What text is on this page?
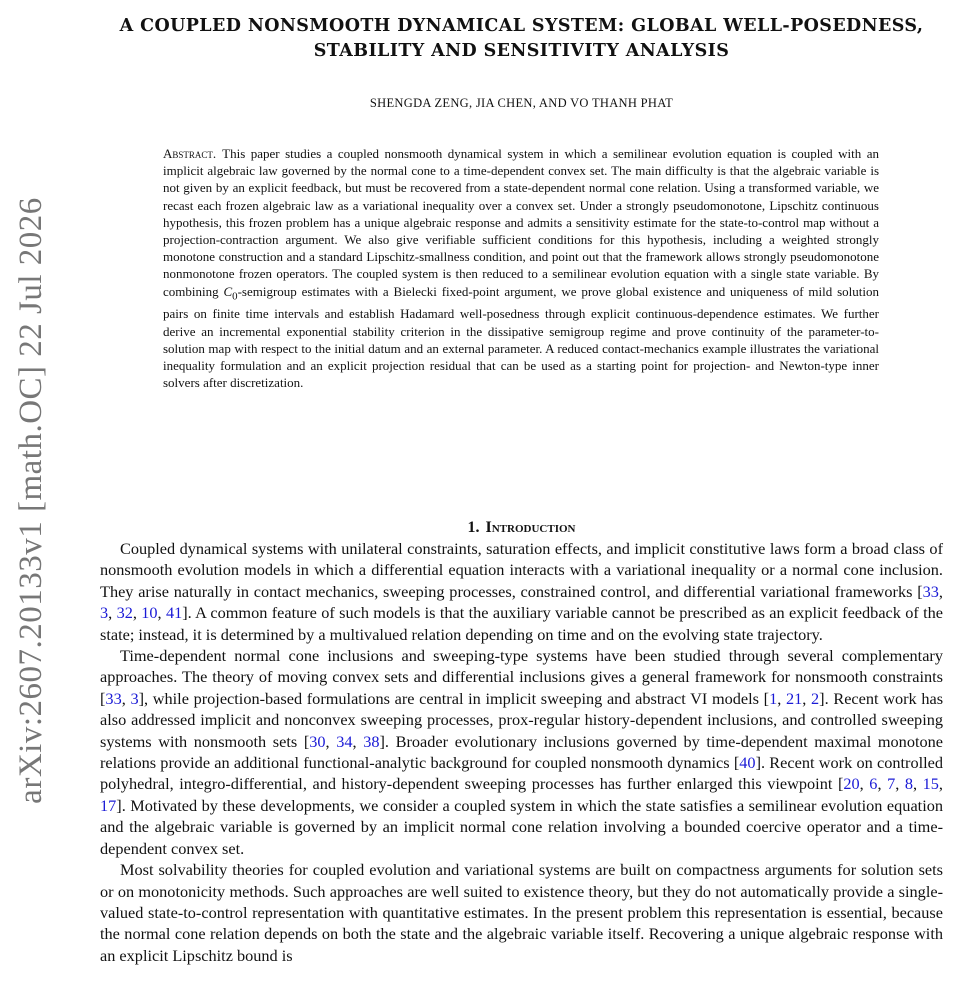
arXiv:2607.20133v1 [math.OC] 22 Jul 2026
A COUPLED NONSMOOTH DYNAMICAL SYSTEM: GLOBAL WELL-POSEDNESS,
STABILITY AND SENSITIVITY ANALYSIS
SHENGDA ZENG, JIA CHEN, AND VO THANH PHAT
Abstract. This paper studies a coupled nonsmooth dynamical system in which a semilinear evolution equation is coupled with an implicit algebraic law governed by the normal cone to a time-dependent convex set. The main difficulty is that the algebraic variable is not given by an explicit feedback, but must be recovered from a state-dependent normal cone relation. Using a transformed variable, we recast each frozen algebraic law as a variational inequality over a convex set. Under a strongly pseudomonotone, Lipschitz continuous hypothesis, this frozen problem has a unique algebraic response and admits a sensitivity estimate for the state-to-control map without a projection-contraction argument. We also give verifiable sufficient conditions for this hypothesis, including a weighted strongly monotone construction and a standard Lipschitz-smallness condition, and point out that the framework allows strongly pseudomonotone nonmonotone frozen operators. The coupled system is then reduced to a semilinear evolution equation with a single state variable. By combining $C_0$-semigroup estimates with a Bielecki fixed-point argument, we prove global existence and uniqueness of mild solution pairs on finite time intervals and establish Hadamard well-posedness through explicit continuous-dependence estimates. We further derive an incremental exponential stability criterion in the dissipative semigroup regime and prove continuity of the parameter-to-solution map with respect to the initial datum and an external parameter. A reduced contact-mechanics example illustrates the variational inequality formulation and an explicit projection residual that can be used as a starting point for projection- and Newton-type inner solvers after discretization.
1. Introduction

Coupled dynamical systems with unilateral constraints, saturation effects, and implicit constitutive laws form a broad class of nonsmooth evolution models in which a differential equation interacts with a variational inequality or a normal cone inclusion. They arise naturally in contact mechanics, sweeping processes, constrained control, and differential variational frameworks [33, 3, 32, 10, 41]. A common feature of such models is that the auxiliary variable cannot be prescribed as an explicit feedback of the state; instead, it is determined by a multivalued relation depending on time and on the evolving state trajectory.

Time-dependent normal cone inclusions and sweeping-type systems have been studied through several complementary approaches. The theory of moving convex sets and differential inclusions gives a general framework for nonsmooth constraints [33, 3], while projection-based formulations are central in implicit sweeping and abstract VI models [1, 21, 2]. Recent work has also addressed implicit and nonconvex sweeping processes, prox-regular history-dependent inclusions, and controlled sweeping systems with nonsmooth sets [30, 34, 38]. Broader evolutionary inclusions governed by time-dependent maximal monotone relations provide an additional functional-analytic background for coupled nonsmooth dynamics [40]. Recent work on controlled polyhedral, integro-differential, and history-dependent sweeping processes has further enlarged this viewpoint [20, 6, 7, 8, 15, 17]. Motivated by these developments, we consider a coupled system in which the state satisfies a semilinear evolution equation and the algebraic variable is governed by an implicit normal cone relation involving a bounded coercive operator and a time-dependent convex set.

Most solvability theories for coupled evolution and variational systems are built on compactness arguments for solution sets or on monotonicity methods. Such approaches are well suited to existence theory, but they do not automatically provide a single-valued state-to-control representation with quantitative estimates. In the present problem this representation is essential, because the normal cone relation depends on both the state and the algebraic variable itself. Recovering a unique algebraic response with an explicit Lipschitz bound is
